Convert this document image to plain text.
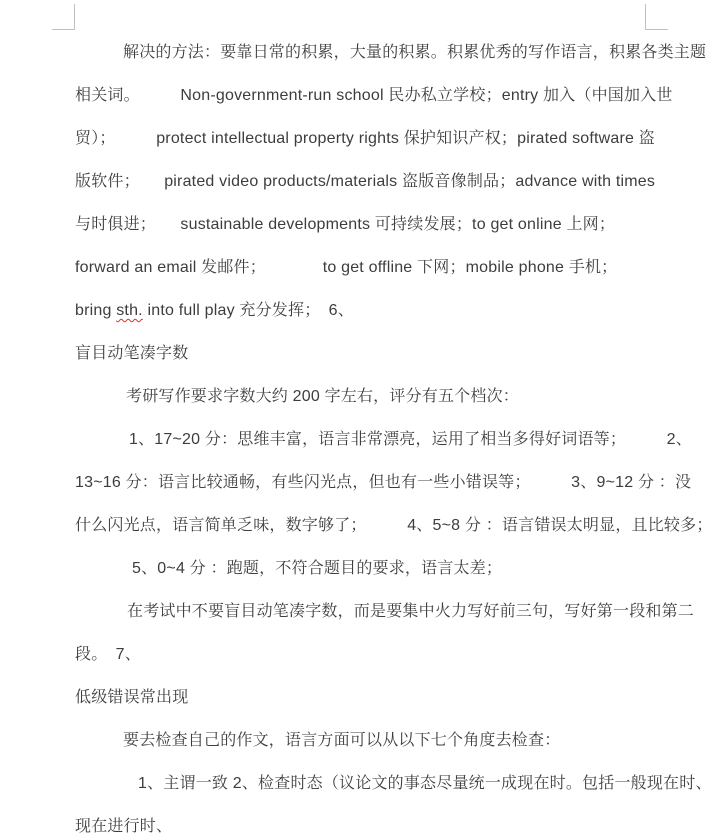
解决的方法：要靠日常的积累，大量的积累。积累优秀的写作语言，积累各类主题
相关词。　　　Non-government-run school 民办私立学校；entry 加入（中国加入世
贸）；　　　protect intellectual property rights 保护知识产权；pirated software 盗
版软件；　　pirated video products/materials 盗版音像制品；advance with times
与时俱进；　　sustainable developments 可持续发展；to get online 上网；
forward an email 发邮件；　　　　to get offline 下网；mobile phone 手机；
bring sth. into full play 充分发挥；　6、
盲目动笔凑字数
考研写作要求字数大约 200 字左右，评分有五个档次：
1、17~20 分：思维丰富，语言非常漂亮，运用了相当多得好词语等；　　　2、
13~16 分：语言比较通畅，有些闪光点，但也有一些小错误等；　　　3、9~12 分 ：没
什么闪光点，语言简单乏味，数字够了；　　　4、5~8 分 ：语言错误太明显，且比较多；
5、0~4 分 ：跑题，不符合题目的要求，语言太差；
在考试中不要盲目动笔凑字数，而是要集中火力写好前三句，写好第一段和第二
段。　7、
低级错误常出现
要去检查自己的作文，语言方面可以从以下七个角度去检查：
1、主谓一致 2、检查时态（议论文的事态尽量统一成现在时。包括一般现在时、
现在进行时、
